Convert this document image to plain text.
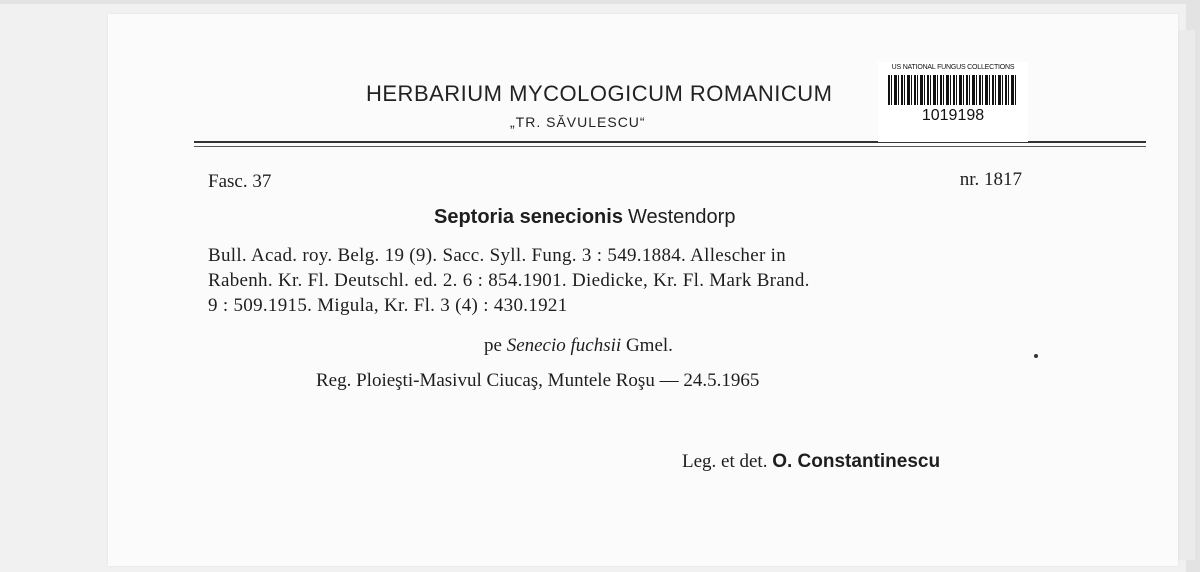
HERBARIUM MYCOLOGICUM ROMANICUM
„TR. SĂVULESCU“
US NATIONAL FUNGUS COLLECTIONS
1019198
Fasc. 37	nr. 1817
Septoria senecionis Westendorp
Bull. Acad. roy. Belg. 19 (9). Sacc. Syll. Fung. 3 : 549.1884. Allescher in
Rabenh. Kr. Fl. Deutschl. ed. 2. 6 : 854.1901. Diedicke, Kr. Fl. Mark Brand.
9 : 509.1915. Migula, Kr. Fl. 3 (4) : 430.1921
pe Senecio fuchsii Gmel.
Reg. Ploieşti-Masivul Ciucaş, Muntele Roşu — 24.5.1965
Leg. et det. O. Constantinescu
